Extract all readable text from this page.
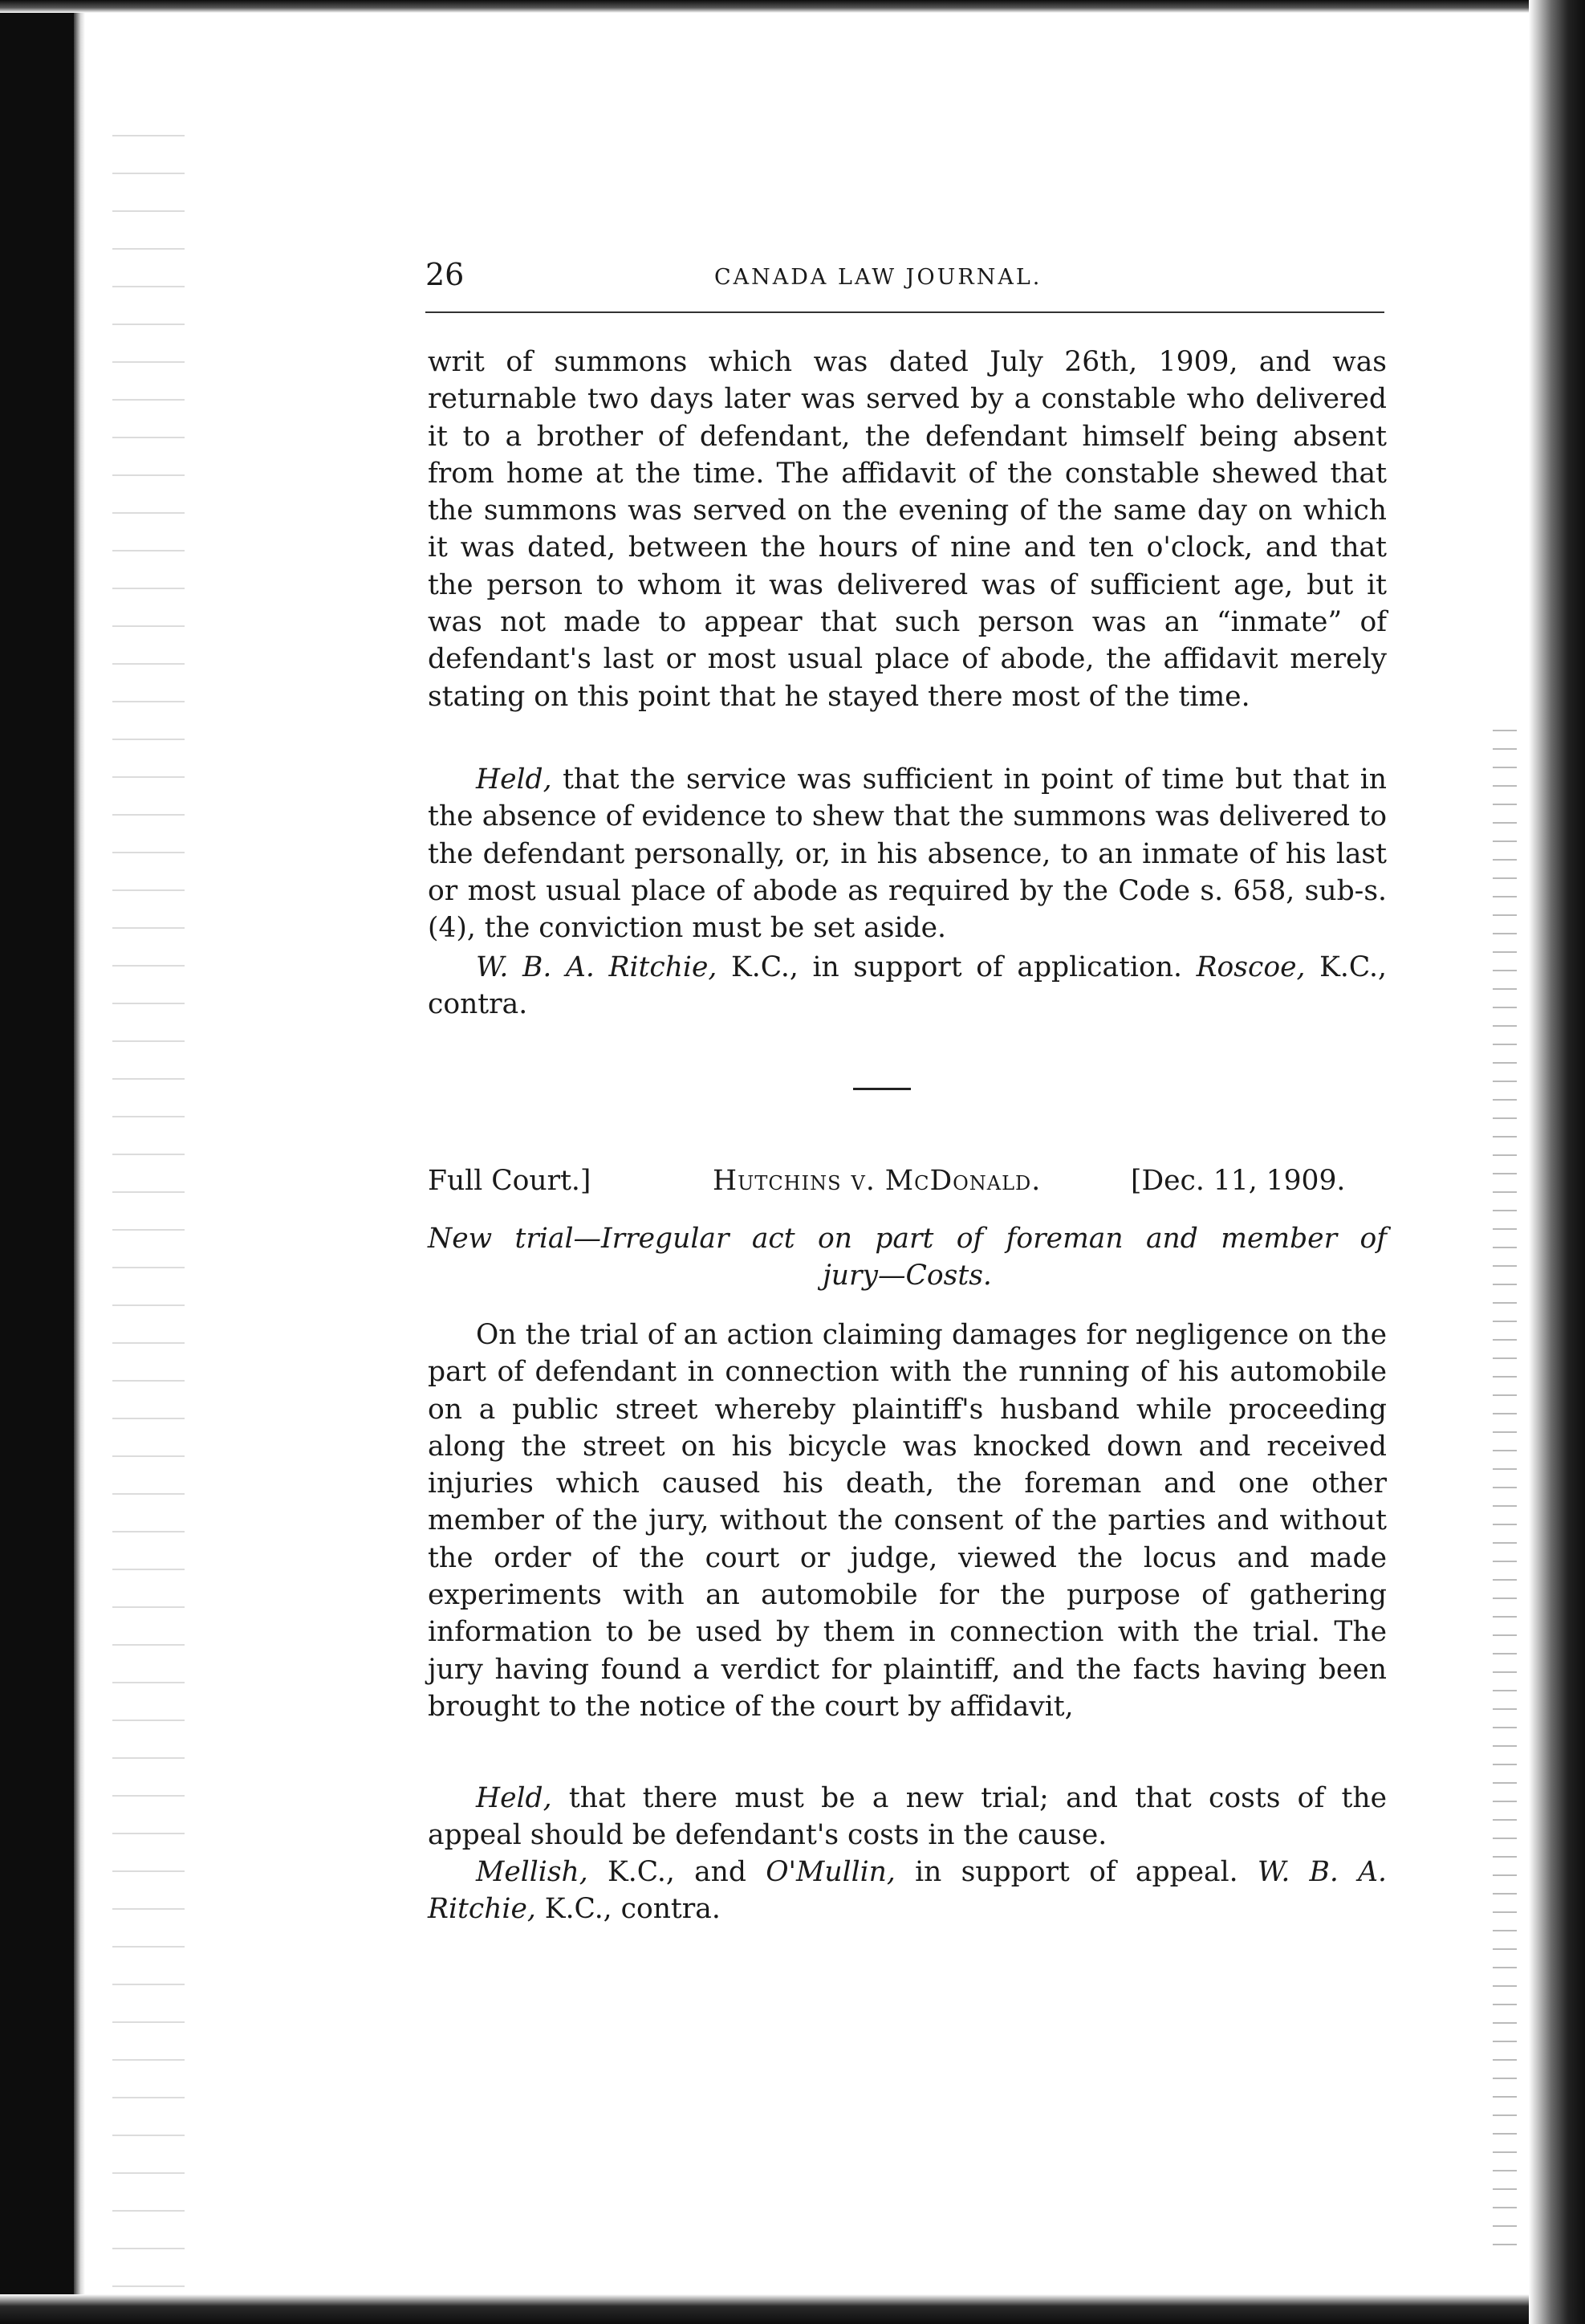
26	CANADA LAW JOURNAL.

writ of summons which was dated July 26th, 1909, and was returnable two days later was served by a constable who delivered it to a brother of defendant, the defendant himself being absent from home at the time. The affidavit of the constable shewed that the summons was served on the evening of the same day on which it was dated, between the hours of nine and ten o'clock, and that the person to whom it was delivered was of sufficient age, but it was not made to appear that such person was an “inmate” of defendant's last or most usual place of abode, the affidavit merely stating on this point that he stayed there most of the time.

Held, that the service was sufficient in point of time but that in the absence of evidence to shew that the summons was delivered to the defendant personally, or, in his absence, to an inmate of his last or most usual place of abode as required by the Code s. 658, sub-s. (4), the conviction must be set aside.

W. B. A. Ritchie, K.C., in support of application. Roscoe, K.C., contra.

Full Court.]	Hutchins v. McDonald.	[Dec. 11, 1909.
New trial—Irregular act on part of foreman and member of
jury—Costs.

On the trial of an action claiming damages for negligence on the part of defendant in connection with the running of his automobile on a public street whereby plaintiff's husband while proceeding along the street on his bicycle was knocked down and received injuries which caused his death, the foreman and one other member of the jury, without the consent of the parties and without the order of the court or judge, viewed the locus and made experiments with an automobile for the purpose of gathering information to be used by them in connection with the trial. The jury having found a verdict for plaintiff, and the facts having been brought to the notice of the court by affidavit,

Held, that there must be a new trial; and that costs of the appeal should be defendant's costs in the cause.

Mellish, K.C., and O'Mullin, in support of appeal. W. B. A. Ritchie, K.C., contra.
